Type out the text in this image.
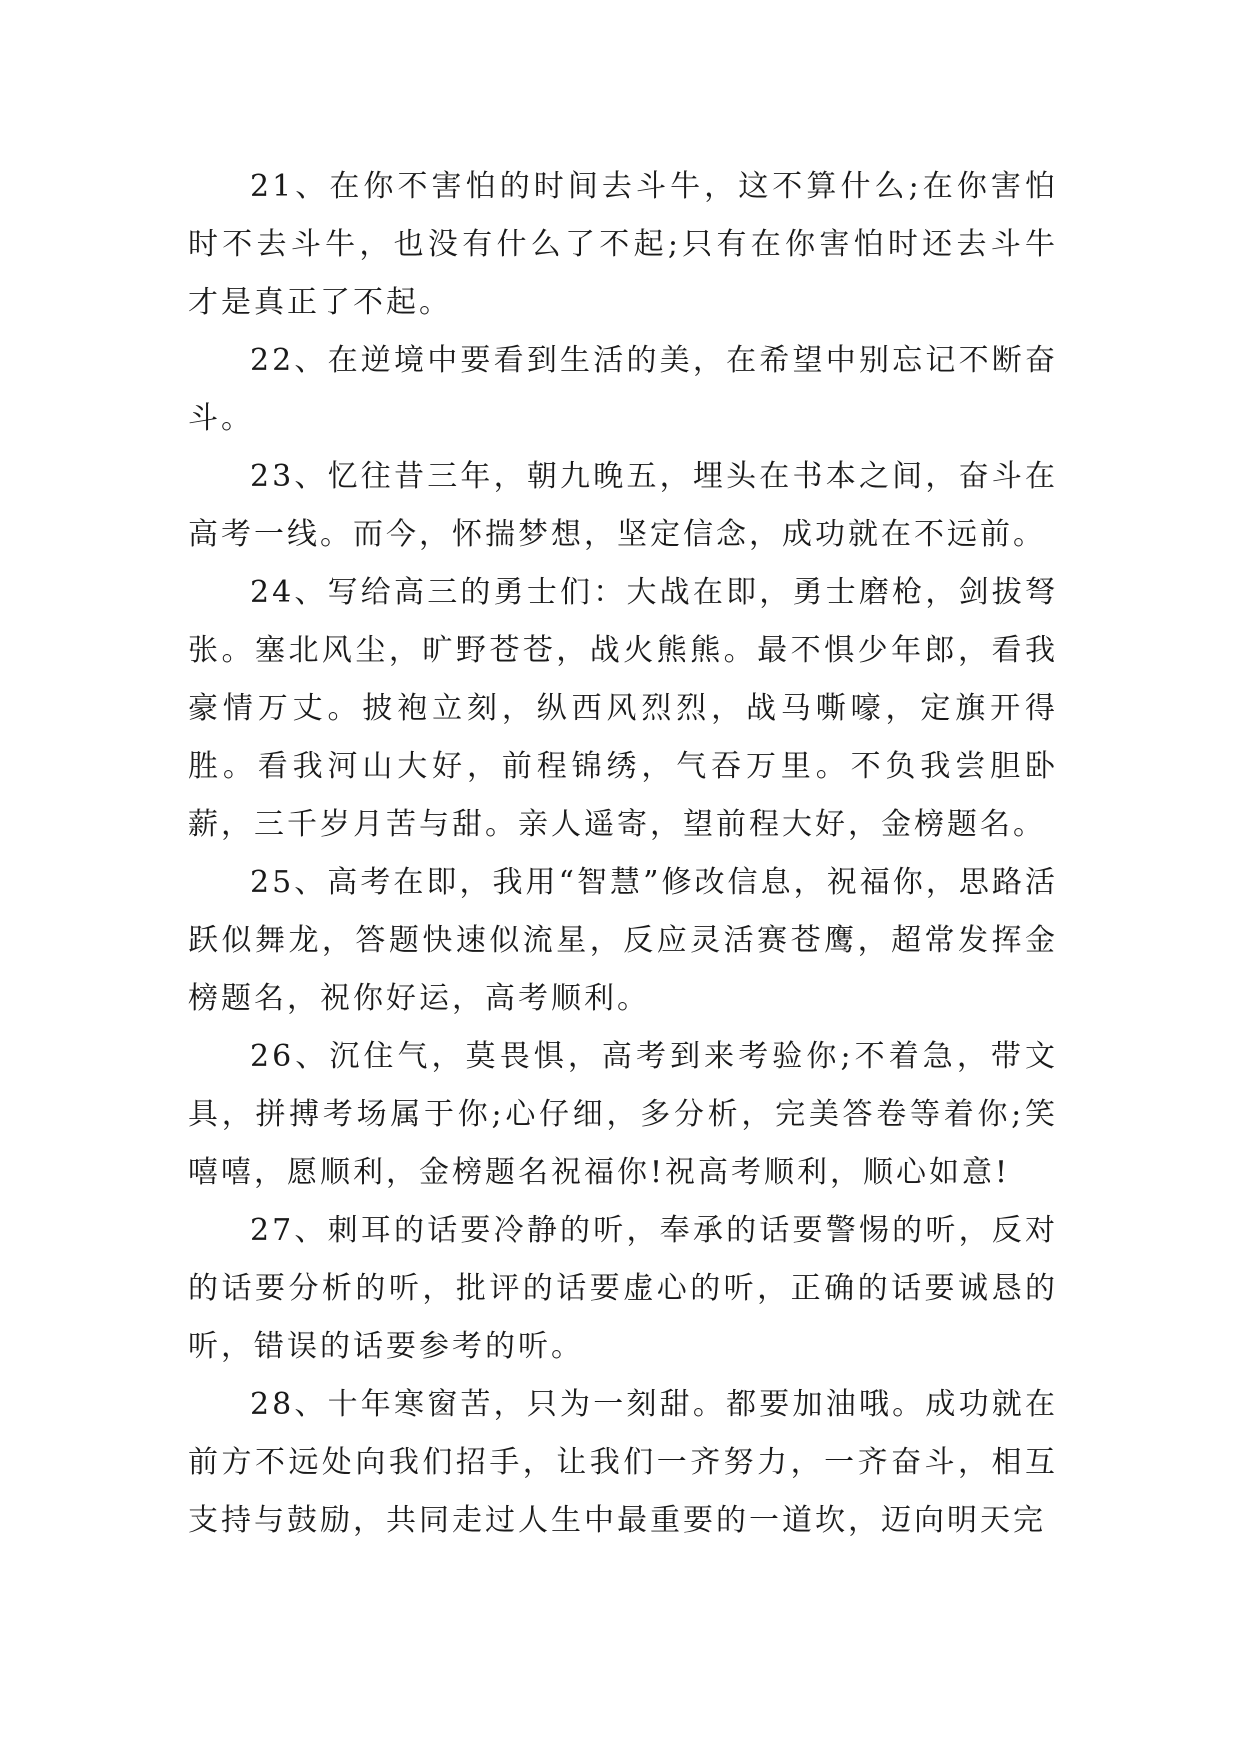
21、在你不害怕的时间去斗牛，这不算什么;在你害怕时不去斗牛，也没有什么了不起;只有在你害怕时还去斗牛才是真正了不起。

22、在逆境中要看到生活的美，在希望中别忘记不断奋斗。

23、忆往昔三年，朝九晚五，埋头在书本之间，奋斗在高考一线。而今，怀揣梦想，坚定信念，成功就在不远前。

24、写给高三的勇士们：大战在即，勇士磨枪，剑拔弩张。塞北风尘，旷野苍苍，战火熊熊。最不惧少年郎，看我豪情万丈。披袍立刻，纵西风烈烈，战马嘶嚎，定旗开得胜。看我河山大好，前程锦绣，气吞万里。不负我尝胆卧薪，三千岁月苦与甜。亲人遥寄，望前程大好，金榜题名。

25、高考在即，我用“智慧”修改信息，祝福你，思路活跃似舞龙，答题快速似流星，反应灵活赛苍鹰，超常发挥金榜题名，祝你好运，高考顺利。

26、沉住气，莫畏惧，高考到来考验你;不着急，带文具，拼搏考场属于你;心仔细，多分析，完美答卷等着你;笑嘻嘻，愿顺利，金榜题名祝福你!祝高考顺利，顺心如意!

27、刺耳的话要冷静的听，奉承的话要警惕的听，反对的话要分析的听，批评的话要虚心的听，正确的话要诚恳的听，错误的话要参考的听。

28、十年寒窗苦，只为一刻甜。都要加油哦。成功就在前方不远处向我们招手，让我们一齐努力，一齐奋斗，相互支持与鼓励，共同走过人生中最重要的一道坎，迈向明天完
